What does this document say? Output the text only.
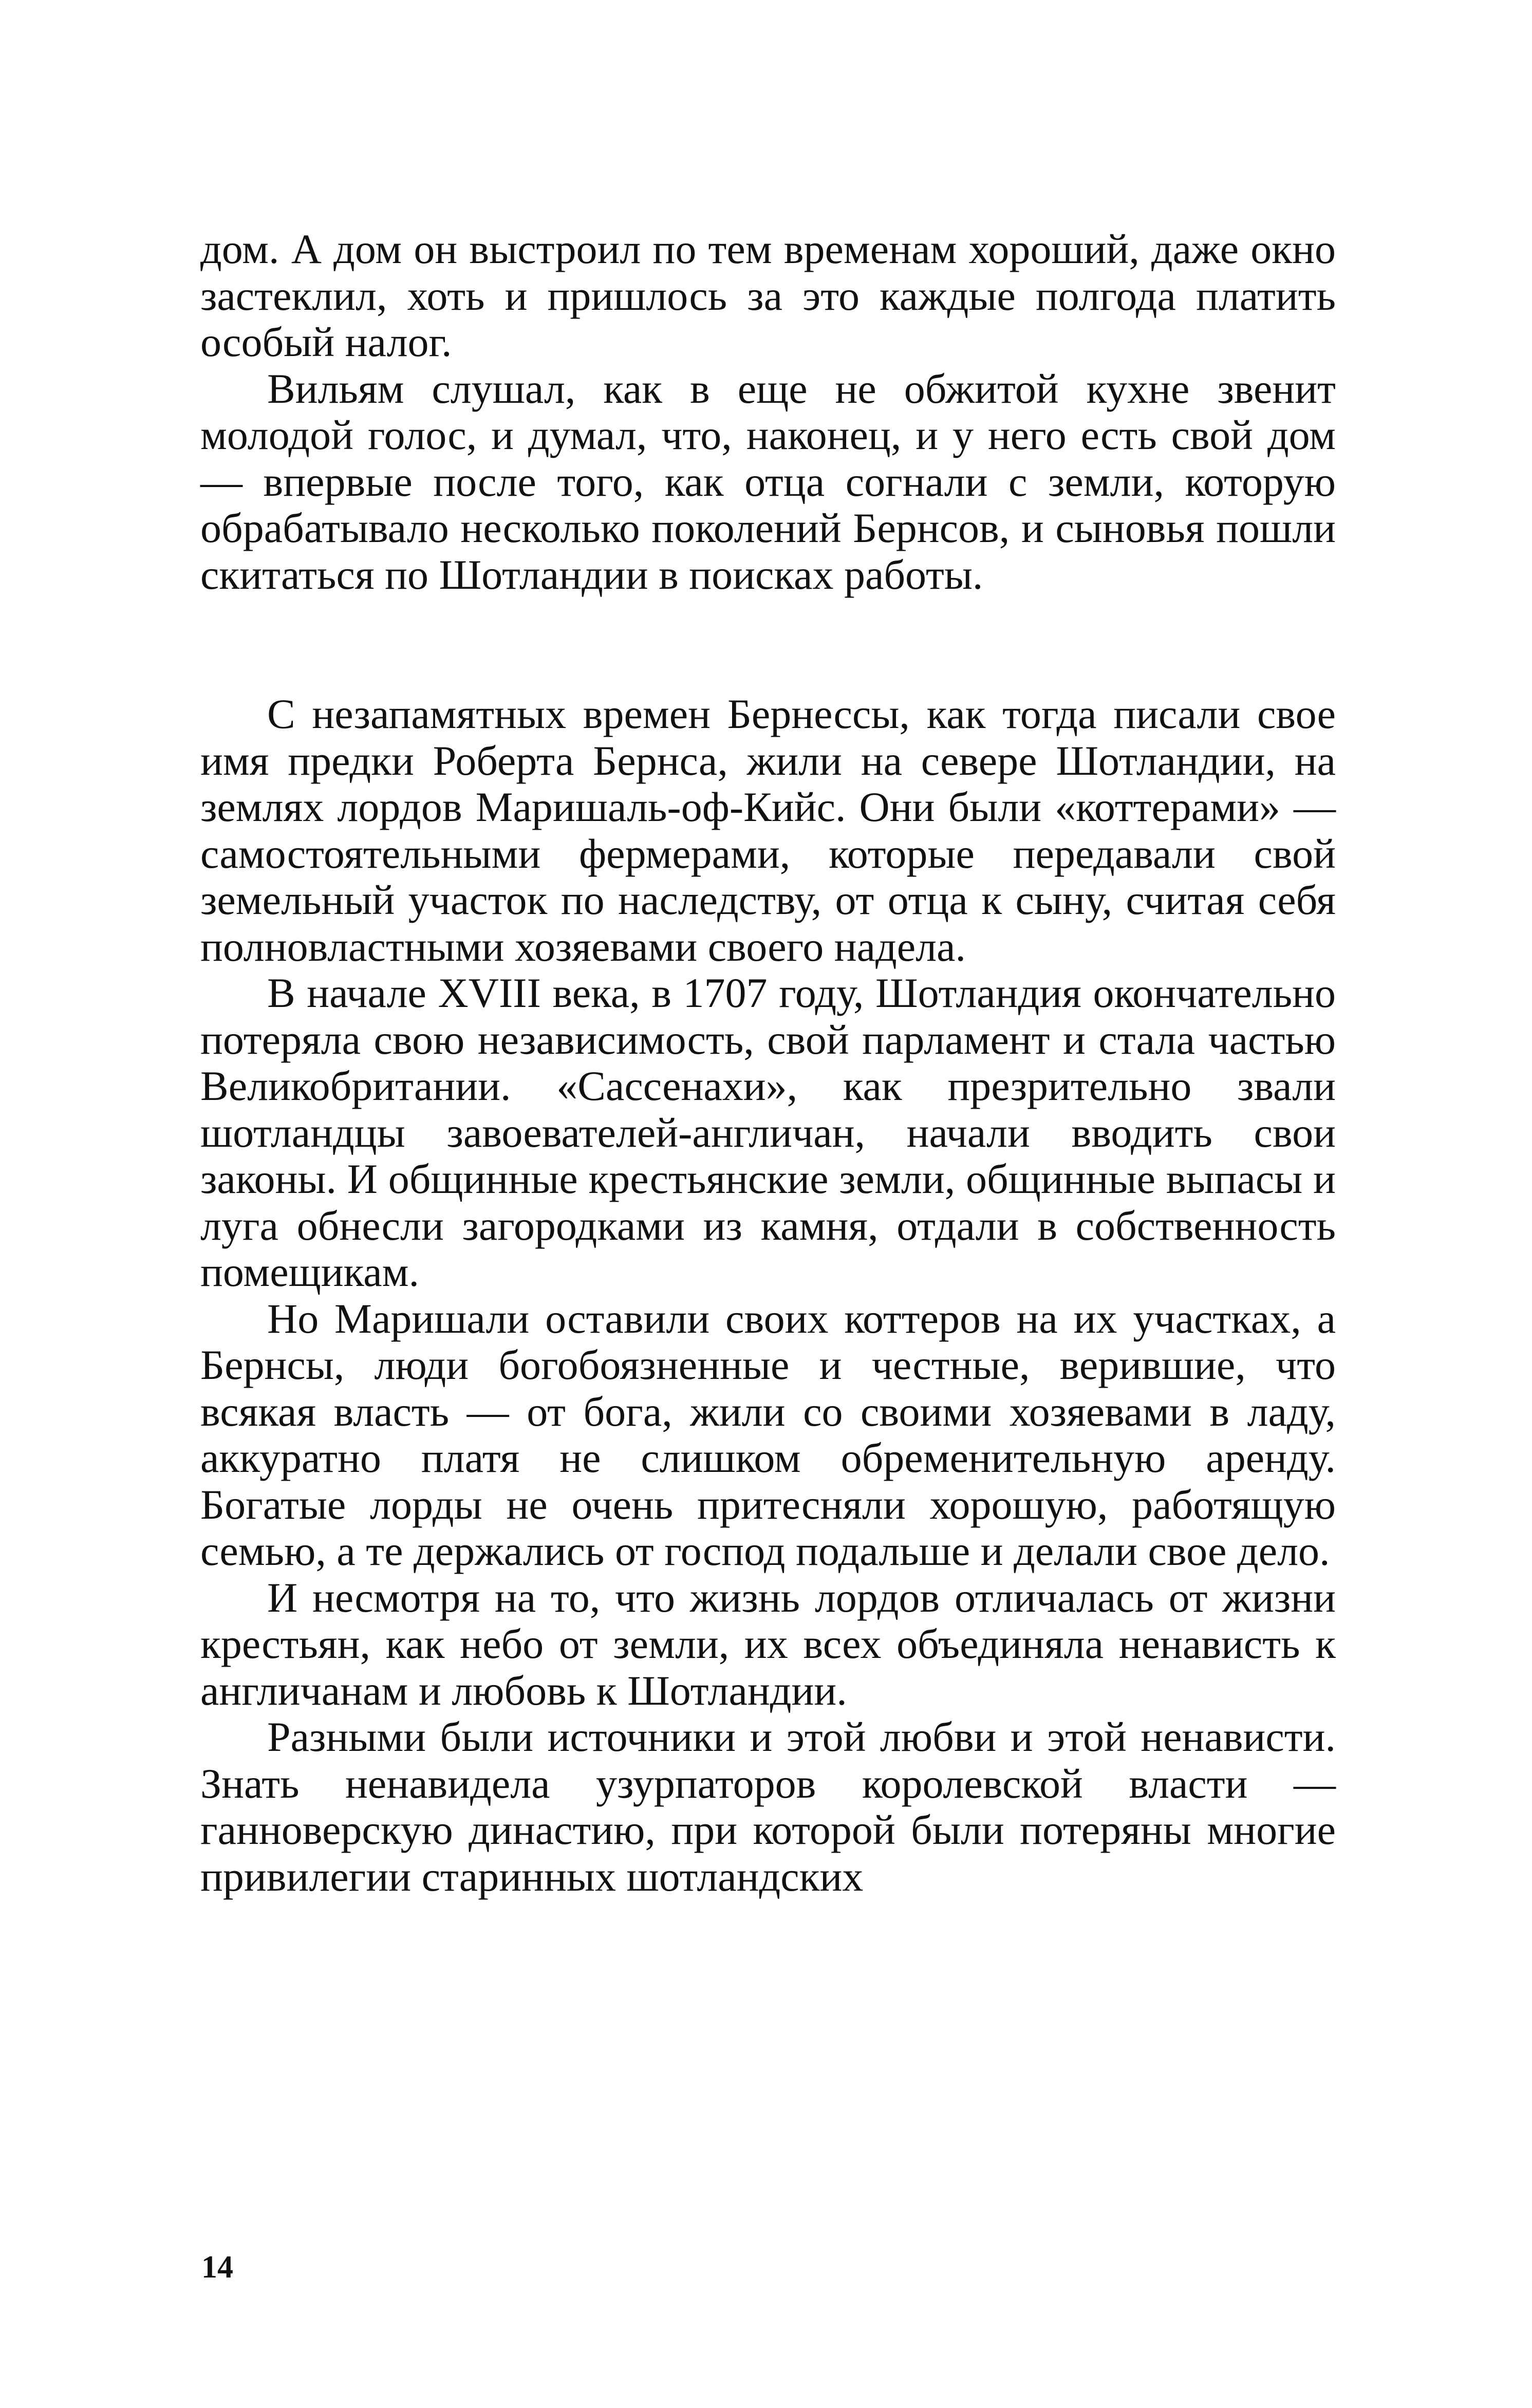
дом. А дом он выстроил по тем временам хороший, даже окно застеклил, хоть и пришлось за это каждые полгода платить особый налог.

Вильям слушал, как в еще не обжитой кухне звенит молодой голос, и думал, что, наконец, и у него есть свой дом — впервые после того, как отца согнали с земли, которую обрабатывало несколько поколений Бернсов, и сыновья пошли скитаться по Шотландии в поисках работы.

С незапамятных времен Бернессы, как тогда писали свое имя предки Роберта Бернса, жили на севере Шотландии, на землях лордов Маришаль-оф-Кийс. Они были «коттерами» — самостоятельными фермерами, которые передавали свой земельный участок по наследству, от отца к сыну, считая себя полновластными хозяевами своего надела.

В начале XVIII века, в 1707 году, Шотландия окончательно потеряла свою независимость, свой парламент и стала частью Великобритании. «Сассенахи», как презрительно звали шотландцы завоевателей-англичан, начали вводить свои законы. И общинные крестьянские земли, общинные выпасы и луга обнесли загородками из камня, отдали в собственность помещикам.

Но Маришали оставили своих коттеров на их участках, а Бернсы, люди богобоязненные и честные, верившие, что всякая власть — от бога, жили со своими хозяевами в ладу, аккуратно платя не слишком обременительную аренду. Богатые лорды не очень притесняли хорошую, работящую семью, а те держались от господ подальше и делали свое дело.

И несмотря на то, что жизнь лордов отличалась от жизни крестьян, как небо от земли, их всех объединяла ненависть к англичанам и любовь к Шотландии.

Разными были источники и этой любви и этой ненависти. Знать ненавидела узурпаторов королевской власти — ганноверскую династию, при которой были потеряны многие привилегии старинных шотландских

14
